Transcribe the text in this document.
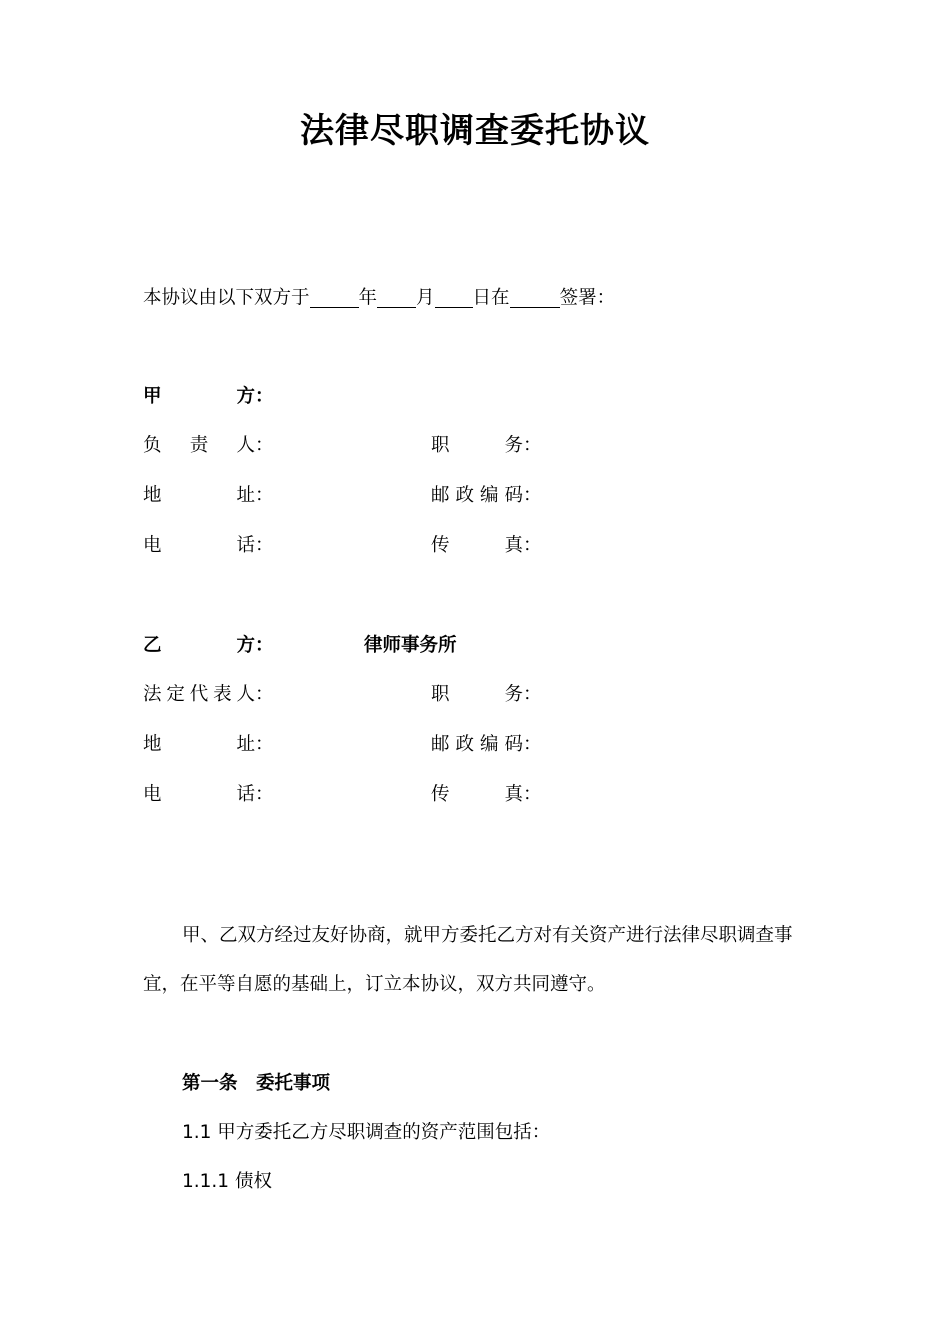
法律尽职调查委托协议
本协议由以下双方于	年 月 日在	签署：
甲方：
负责人：	职务：
地址：	邮政编码：
电话：	传真：
乙方：	律师事务所
法定代表人：	职务：
地址：	邮政编码：
电话：	传真：
甲、乙双方经过友好协商，就甲方委托乙方对有关资产进行法律尽职调查事
宜，在平等自愿的基础上，订立本协议，双方共同遵守。
第一条　委托事项
1.1 甲方委托乙方尽职调查的资产范围包括：
1.1.1 债权
